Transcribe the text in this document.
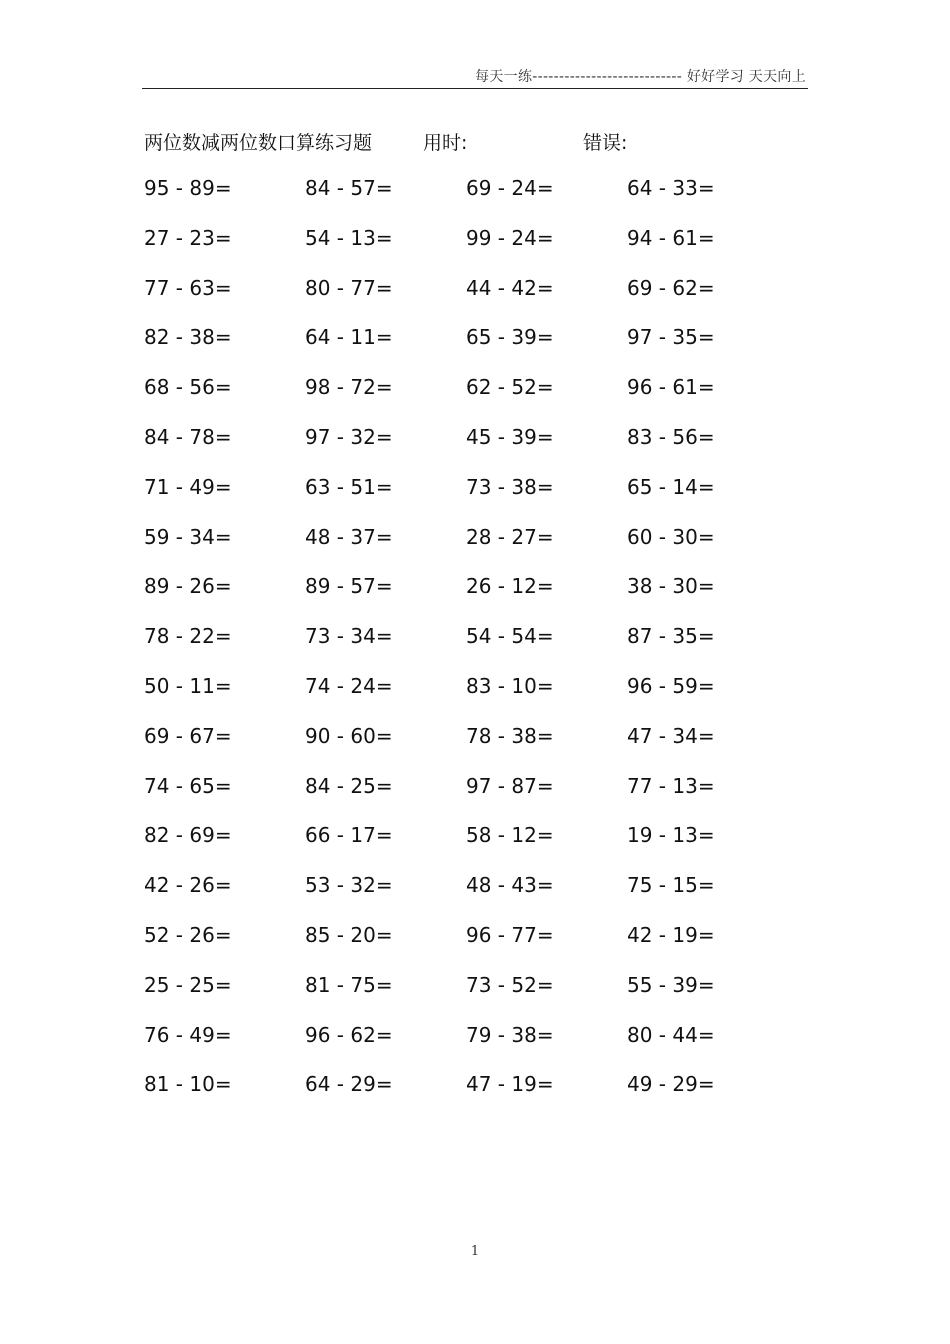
每天一练---------------------------- 好好学习 天天向上
两位数减两位数口算练习题	用时:	错误:
95 - 89=	84 - 57=	69 - 24=	64 - 33=
27 - 23=	54 - 13=	99 - 24=	94 - 61=
77 - 63=	80 - 77=	44 - 42=	69 - 62=
82 - 38=	64 - 11=	65 - 39=	97 - 35=
68 - 56=	98 - 72=	62 - 52=	96 - 61=
84 - 78=	97 - 32=	45 - 39=	83 - 56=
71 - 49=	63 - 51=	73 - 38=	65 - 14=
59 - 34=	48 - 37=	28 - 27=	60 - 30=
89 - 26=	89 - 57=	26 - 12=	38 - 30=
78 - 22=	73 - 34=	54 - 54=	87 - 35=
50 - 11=	74 - 24=	83 - 10=	96 - 59=
69 - 67=	90 - 60=	78 - 38=	47 - 34=
74 - 65=	84 - 25=	97 - 87=	77 - 13=
82 - 69=	66 - 17=	58 - 12=	19 - 13=
42 - 26=	53 - 32=	48 - 43=	75 - 15=
52 - 26=	85 - 20=	96 - 77=	42 - 19=
25 - 25=	81 - 75=	73 - 52=	55 - 39=
76 - 49=	96 - 62=	79 - 38=	80 - 44=
81 - 10=	64 - 29=	47 - 19=	49 - 29=
1
